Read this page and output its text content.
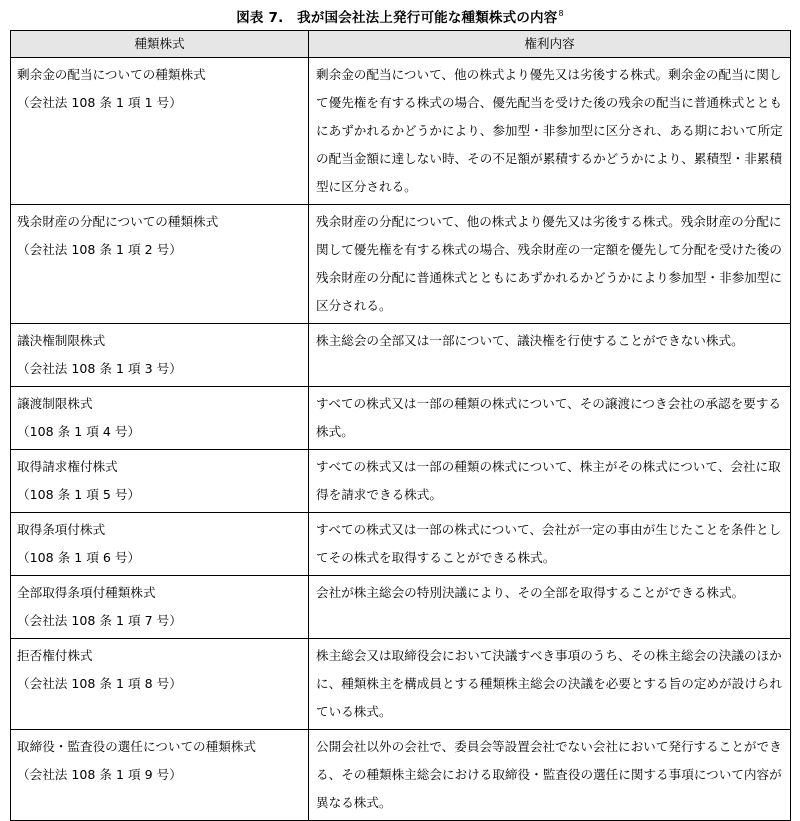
図表 7.　我が国会社法上発行可能な種類株式の内容$^8$
種類株式	権利内容

剰余金の配当についての種類株式
（会社法 108 条 1 項 1 号）	剰余金の配当について、他の株式より優先又は劣後する株式。剰余金の配当に関して優先権を有する株式の場合、優先配当を受けた後の残余の配当に普通株式とともにあずかれるかどうかにより、参加型・非参加型に区分され、ある期において所定の配当金額に達しない時、その不足額が累積するかどうかにより、累積型・非累積型に区分される。

残余財産の分配についての種類株式
（会社法 108 条 1 項 2 号）	残余財産の分配について、他の株式より優先又は劣後する株式。残余財産の分配に関して優先権を有する株式の場合、残余財産の一定額を優先して分配を受けた後の残余財産の分配に普通株式とともにあずかれるかどうかにより参加型・非参加型に区分される。

議決権制限株式
（会社法 108 条 1 項 3 号）	株主総会の全部又は一部について、議決権を行使することができない株式。

譲渡制限株式
（108 条 1 項 4 号）	すべての株式又は一部の種類の株式について、その譲渡につき会社の承認を要する株式。

取得請求権付株式
（108 条 1 項 5 号）	すべての株式又は一部の種類の株式について、株主がその株式について、会社に取得を請求できる株式。

取得条項付株式
（108 条 1 項 6 号）	すべての株式又は一部の株式について、会社が一定の事由が生じたことを条件としてその株式を取得することができる株式。

全部取得条項付種類株式
（会社法 108 条 1 項 7 号）	会社が株主総会の特別決議により、その全部を取得することができる株式。

拒否権付株式
（会社法 108 条 1 項 8 号）	株主総会又は取締役会において決議すべき事項のうち、その株主総会の決議のほかに、種類株主を構成員とする種類株主総会の決議を必要とする旨の定めが設けられている株式。

取締役・監査役の選任についての種類株式
（会社法 108 条 1 項 9 号）	公開会社以外の会社で、委員会等設置会社でない会社において発行することができる、その種類株主総会における取締役・監査役の選任に関する事項について内容が異なる株式。
